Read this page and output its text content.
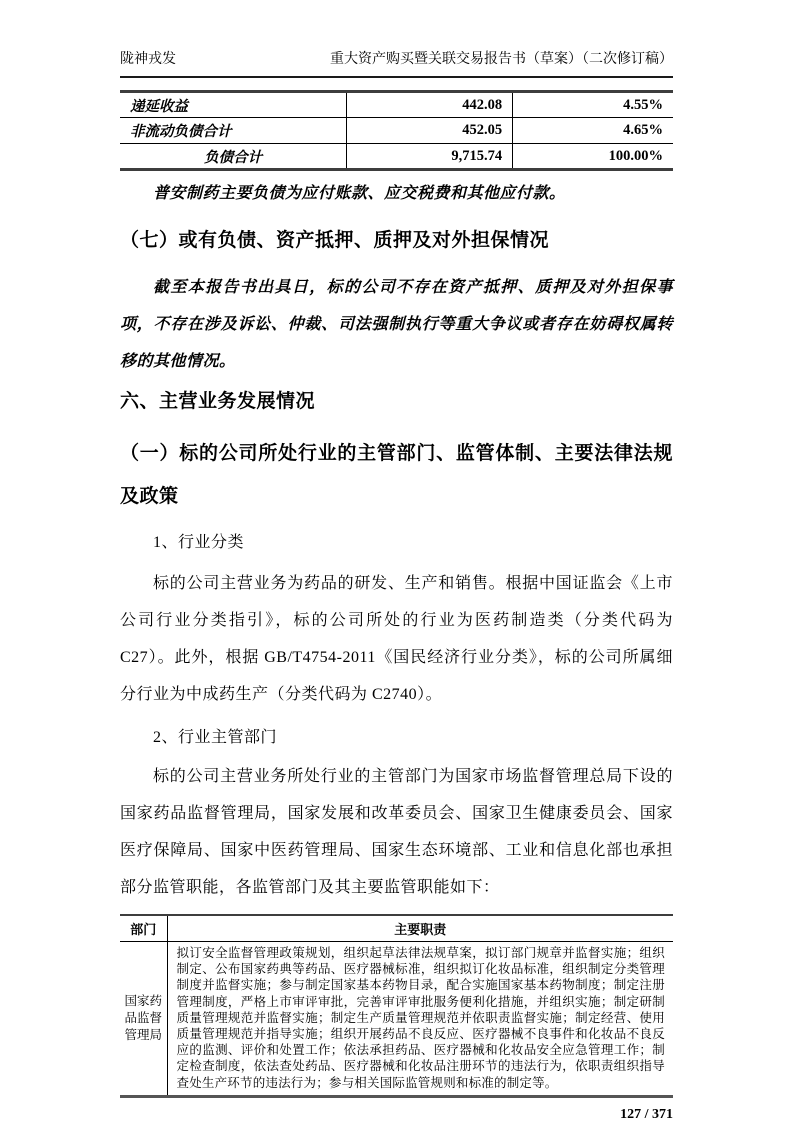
陇神戎发	重大资产购买暨关联交易报告书（草案）（二次修订稿）
递延收益	442.08	4.55%
非流动负债合计	452.05	4.65%
负债合计	9,715.74	100.00%

普安制药主要负债为应付账款、应交税费和其他应付款。

（七）或有负债、资产抵押、质押及对外担保情况

截至本报告书出具日，标的公司不存在资产抵押、质押及对外担保事项，不存在涉及诉讼、仲裁、司法强制执行等重大争议或者存在妨碍权属转移的其他情况。

六、主营业务发展情况
（一）标的公司所处行业的主管部门、监管体制、主要法律法规及政策

1、行业分类

标的公司主营业务为药品的研发、生产和销售。根据中国证监会《上市公司行业分类指引》，标的公司所处的行业为医药制造类（分类代码为 C27）。此外，根据 GB/T4754-2011《国民经济行业分类》，标的公司所属细分行业为中成药生产（分类代码为 C2740）。

2、行业主管部门

标的公司主营业务所处行业的主管部门为国家市场监督管理总局下设的国家药品监督管理局，国家发展和改革委员会、国家卫生健康委员会、国家医疗保障局、国家中医药管理局、国家生态环境部、工业和信息化部也承担部分监管职能，各监管部门及其主要监管职能如下：

部门	主要职责
国家药品监督管理局	拟订安全监督管理政策规划，组织起草法律法规草案，拟订部门规章并监督实施；组织制定、公布国家药典等药品、医疗器械标准，组织拟订化妆品标准，组织制定分类管理制度并监督实施；参与制定国家基本药物目录，配合实施国家基本药物制度；制定注册管理制度，严格上市审评审批，完善审评审批服务便利化措施，并组织实施；制定研制质量管理规范并监督实施；制定生产质量管理规范并依职责监督实施；制定经营、使用质量管理规范并指导实施；组织开展药品不良反应、医疗器械不良事件和化妆品不良反应的监测、评价和处置工作；依法承担药品、医疗器械和化妆品安全应急管理工作；制定检查制度，依法查处药品、医疗器械和化妆品注册环节的违法行为，依职责组织指导查处生产环节的违法行为；参与相关国际监管规则和标准的制定等。
127 / 371
